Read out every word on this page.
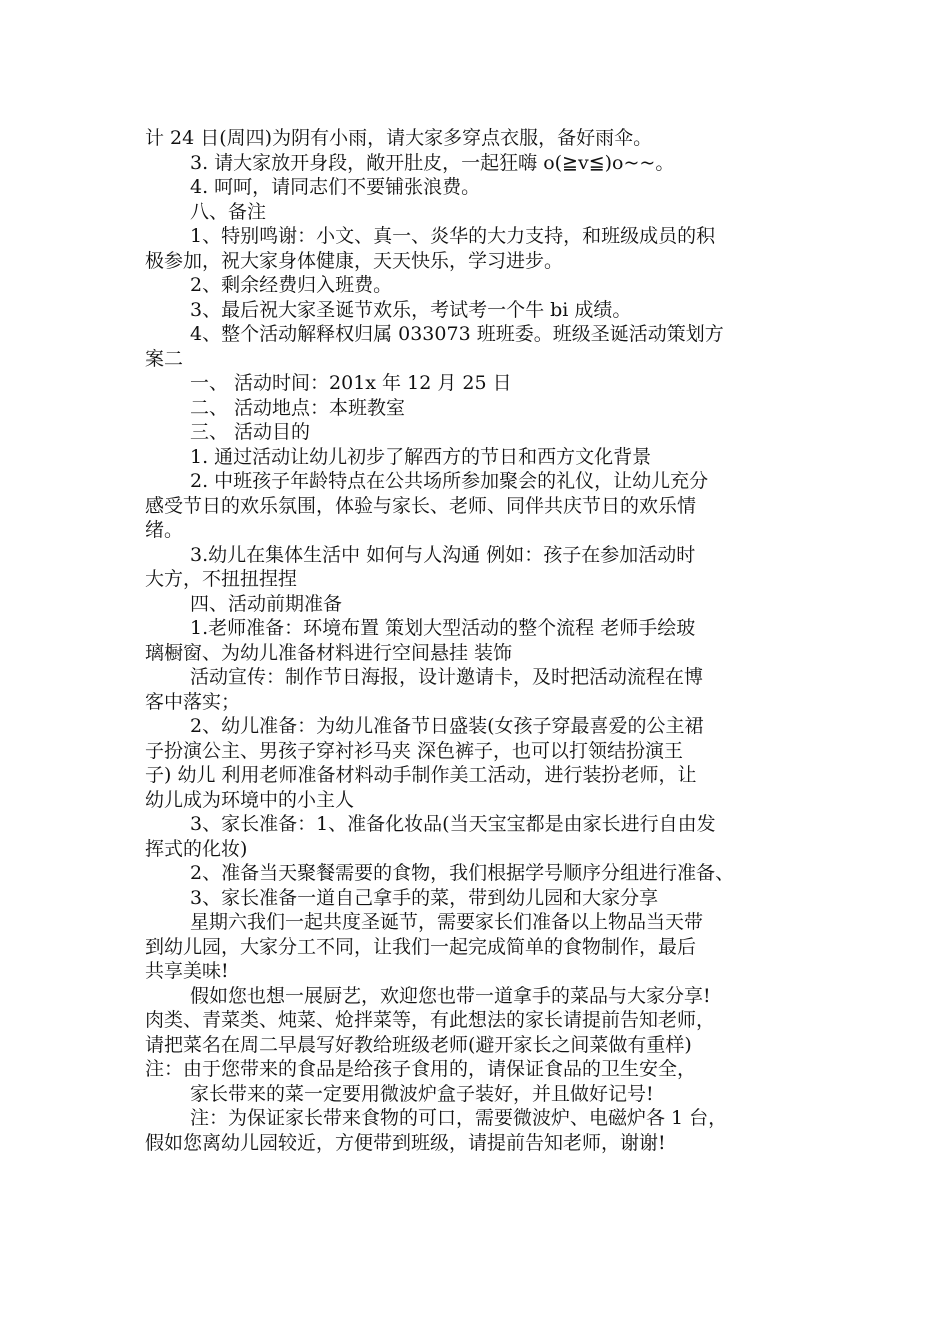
计 24 日(周四)为阴有小雨，请大家多穿点衣服，备好雨伞。
3. 请大家放开身段，敞开肚皮，一起狂嗨 o(≧v≦)o~~。
4. 呵呵，请同志们不要铺张浪费。
八、备注
1、特别鸣谢：小文、真一、炎华的大力支持，和班级成员的积
极参加，祝大家身体健康，天天快乐，学习进步。
2、剩余经费归入班费。
3、最后祝大家圣诞节欢乐，考试考一个牛 bi 成绩。
4、整个活动解释权归属 033073 班班委。班级圣诞活动策划方
案二
一、 活动时间：201x 年 12 月 25 日
二、 活动地点：本班教室
三、 活动目的
1. 通过活动让幼儿初步了解西方的节日和西方文化背景
2. 中班孩子年龄特点在公共场所参加聚会的礼仪，让幼儿充分
感受节日的欢乐氛围，体验与家长、老师、同伴共庆节日的欢乐情
绪。
3.幼儿在集体生活中 如何与人沟通 例如：孩子在参加活动时
大方，不扭扭捏捏
四、活动前期准备
1.老师准备：环境布置 策划大型活动的整个流程 老师手绘玻
璃橱窗、为幼儿准备材料进行空间悬挂 装饰
活动宣传：制作节日海报，设计邀请卡，及时把活动流程在博
客中落实；
2、幼儿准备：为幼儿准备节日盛装(女孩子穿最喜爱的公主裙
子扮演公主、男孩子穿衬衫马夹 深色裤子，也可以打领结扮演王
子) 幼儿 利用老师准备材料动手制作美工活动，进行装扮老师，让
幼儿成为环境中的小主人
3、家长准备：1、准备化妆品(当天宝宝都是由家长进行自由发
挥式的化妆)
2、准备当天聚餐需要的食物，我们根据学号顺序分组进行准备、
3、家长准备一道自己拿手的菜，带到幼儿园和大家分享
星期六我们一起共度圣诞节，需要家长们准备以上物品当天带
到幼儿园，大家分工不同，让我们一起完成简单的食物制作，最后
共享美味!
假如您也想一展厨艺，欢迎您也带一道拿手的菜品与大家分享!
肉类、青菜类、炖菜、炝拌菜等，有此想法的家长请提前告知老师，
请把菜名在周二早晨写好教给班级老师(避开家长之间菜做有重样)
注：由于您带来的食品是给孩子食用的，请保证食品的卫生安全，
家长带来的菜一定要用微波炉盒子装好，并且做好记号!
注：为保证家长带来食物的可口，需要微波炉、电磁炉各 1 台，
假如您离幼儿园较近，方便带到班级，请提前告知老师，谢谢!
